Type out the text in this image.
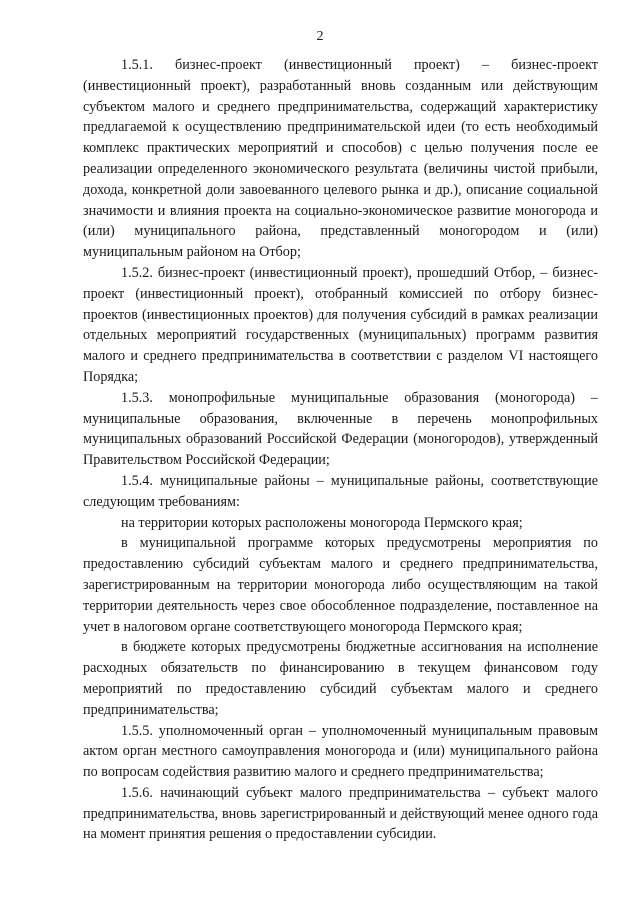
2

1.5.1. бизнес-проект (инвестиционный проект) – бизнес-проект (инвестиционный проект), разработанный вновь созданным или действующим субъектом малого и среднего предпринимательства, содержащий характеристику предлагаемой к осуществлению предпринимательской идеи (то есть необходимый комплекс практических мероприятий и способов) с целью получения после ее реализации определенного экономического результата (величины чистой прибыли, дохода, конкретной доли завоеванного целевого рынка и др.), описание социальной значимости и влияния проекта на социально-экономическое развитие моногорода и (или) муниципального района, представленный моногородом и (или) муниципальным районом на Отбор;

1.5.2. бизнес-проект (инвестиционный проект), прошедший Отбор, – бизнес-проект (инвестиционный проект), отобранный комиссией по отбору бизнес-проектов (инвестиционных проектов) для получения субсидий в рамках реализации отдельных мероприятий государственных (муниципальных) программ развития малого и среднего предпринимательства в соответствии с разделом VI настоящего Порядка;

1.5.3. монопрофильные муниципальные образования (моногорода) – муниципальные образования, включенные в перечень монопрофильных муниципальных образований Российской Федерации (моногородов), утвержденный Правительством Российской Федерации;

1.5.4. муниципальные районы – муниципальные районы, соответствующие следующим требованиям:

на территории которых расположены моногорода Пермского края;

в муниципальной программе которых предусмотрены мероприятия по предоставлению субсидий субъектам малого и среднего предпринимательства, зарегистрированным на территории моногорода либо осуществляющим на такой территории деятельность через свое обособленное подразделение, поставленное на учет в налоговом органе соответствующего моногорода Пермского края;

в бюджете которых предусмотрены бюджетные ассигнования на исполнение расходных обязательств по финансированию в текущем финансовом году мероприятий по предоставлению субсидий субъектам малого и среднего предпринимательства;

1.5.5. уполномоченный орган – уполномоченный муниципальным правовым актом орган местного самоуправления моногорода и (или) муниципального района по вопросам содействия развитию малого и среднего предпринимательства;

1.5.6. начинающий субъект малого предпринимательства – субъект малого предпринимательства, вновь зарегистрированный и действующий менее одного года на момент принятия решения о предоставлении субсидии.
